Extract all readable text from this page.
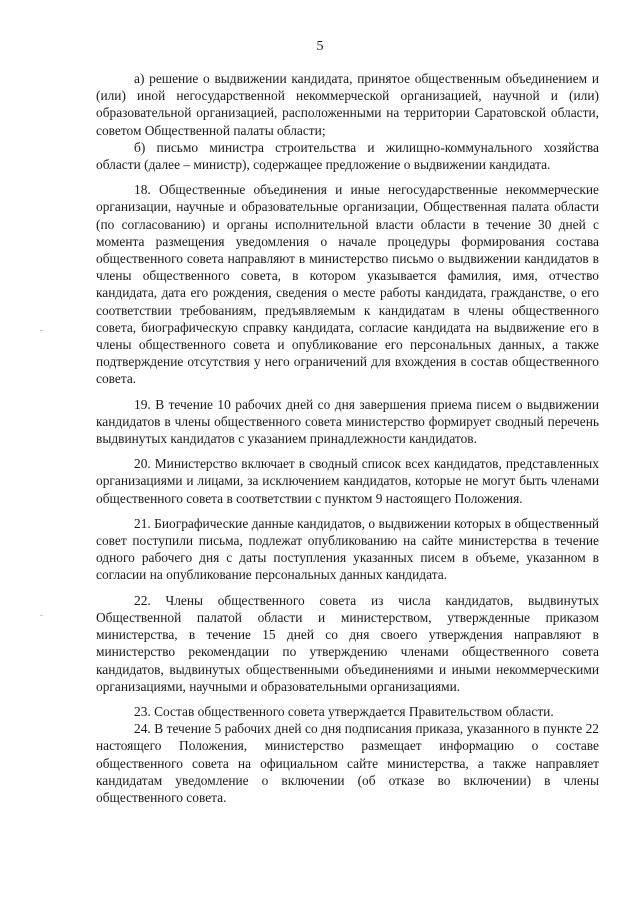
5

а) решение о выдвижении кандидата, принятое общественным объединением и (или) иной негосударственной некоммерческой организацией, научной и (или) образовательной организацией, расположенными на территории Саратовской области, советом Общественной палаты области;

б) письмо министра строительства и жилищно-коммунального хозяйства области (далее – министр), содержащее предложение о выдвижении кандидата.

18. Общественные объединения и иные негосударственные некоммерческие организации, научные и образовательные организации, Общественная палата области (по согласованию) и органы исполнительной власти области в течение 30 дней с момента размещения уведомления о начале процедуры формирования состава общественного совета направляют в министерство письмо о выдвижении кандидатов в члены общественного совета, в котором указывается фамилия, имя, отчество кандидата, дата его рождения, сведения о месте работы кандидата, гражданстве, о его соответствии требованиям, предъявляемым к кандидатам в члены общественного совета, биографическую справку кандидата, согласие кандидата на выдвижение его в члены общественного совета и опубликование его персональных данных, а также подтверждение отсутствия у него ограничений для вхождения в состав общественного совета.

19. В течение 10 рабочих дней со дня завершения приема писем о выдвижении кандидатов в члены общественного совета министерство формирует сводный перечень выдвинутых кандидатов с указанием принадлежности кандидатов.

20. Министерство включает в сводный список всех кандидатов, представленных организациями и лицами, за исключением кандидатов, которые не могут быть членами общественного совета в соответствии с пунктом 9 настоящего Положения.

21. Биографические данные кандидатов, о выдвижении которых в общественный совет поступили письма, подлежат опубликованию на сайте министерства в течение одного рабочего дня с даты поступления указанных писем в объеме, указанном в согласии на опубликование персональных данных кандидата.

22. Члены общественного совета из числа кандидатов, выдвинутых Общественной палатой области и министерством, утвержденные приказом министерства, в течение 15 дней со дня своего утверждения направляют в министерство рекомендации по утверждению членами общественного совета кандидатов, выдвинутых общественными объединениями и иными некоммерческими организациями, научными и образовательными организациями.

23. Состав общественного совета утверждается Правительством области.

24. В течение 5 рабочих дней со дня подписания приказа, указанного в пункте 22 настоящего Положения, министерство размещает информацию о составе общественного совета на официальном сайте министерства, а также направляет кандидатам уведомление о включении (об отказе во включении) в члены общественного совета.
